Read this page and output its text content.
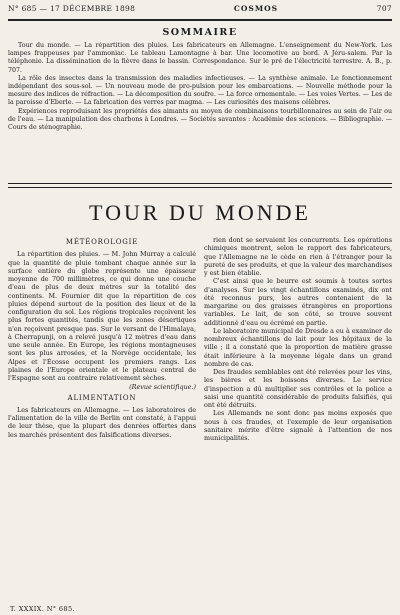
N° 685 — 17 DÉCEMBRE 1898	COSMOS	707
SOMMAIRE

Tour du monde. — La répartition des pluies. Les fabricateurs en Allemagne. L'enseignement du New-York. Les lampes frappeuses par l'ammoniac. Le tableau Lamontagne à bar. Une locomotive au bord. A Jéru-salem. Par la téléphonie. La dissémination de la fièvre dans le bassin. Correspondance. Sur le pré de l'électricité terrestre. A. B., p. 707.

La rôle des insectes dans la transmission des maladies infectieuses. — La synthèse animale. Le fonctionnement indépendant des sous-sol. — Un nouveau mode de pro-pulsion pour les embarcations. — Nouvelle méthode pour la mesure des indices de réfraction. — La décomposition du soufre. — La force ornementale. — Les voies Vertes. — Les de la paroisse d'Eberle. — La fabrication des verres par magma. — Les curiosités des maisons célèbres.

Expériences reproduisant les propriétés des aimants au moyen de combinaisons tourbillonnaires au sein de l'air ou de l'eau. — La manipulation des charbons à Londres. — Sociétés savantes : Académie des sciences. — Bibliographie. — Cours de sténographie.

TOUR DU MONDE
MÉTÉOROLOGIE

La répartition des pluies. — M. John Murray a calculé que la quantité de pluie tombant chaque année sur la surface entière du globe représente une épaisseur moyenne de 700 millimètres, ce qui donne une couche d'eau de plus de deux mètres sur la totalité des continents. M. Fournier dit que la répartition de ces pluies dépend surtout de la position des lieux et de la configuration du sol. Les régions tropicales reçoivent les plus fortes quantités, tandis que les zones désertiques n'en reçoivent presque pas. Sur le versant de l'Himalaya, à Cherrapunji, on a relevé jusqu'à 12 mètres d'eau dans une seule année. En Europe, les régions montagneuses sont les plus arrosées, et la Norvège occidentale, les Alpes et l'Écosse occupent les premiers rangs. Les plaines de l'Europe orientale et le plateau central de l'Espagne sont au contraire relativement sèches.

(Revue scientifique.)
ALIMENTATION

Les fabricateurs en Allemagne. — Les laboratoires de l'alimentation de la ville de Berlin ont constaté, à l'appui de leur thèse, que la plupart des denrées offertes dans les marchés présentent des falsifications diverses.

rien dont se servaient les concurrents. Les opérations chimiques montrent, selon le rapport des fabricateurs, que l'Allemagne ne le cède en rien à l'étranger pour la pureté de ses produits, et que la valeur des marchandises y est bien établie.

C'est ainsi que le beurre est soumis à toutes sortes d'analyses. Sur les vingt échantillons examinés, dix ont été reconnus purs, les autres contenaient de la margarine ou des graisses étrangères en proportions variables. Le lait, de son côté, se trouve souvent additionné d'eau ou écrémé en partie.

Le laboratoire municipal de Dresde a eu à examiner de nombreux échantillons de lait pour les hôpitaux de la ville ; il a constaté que la proportion de matière grasse était inférieure à la moyenne légale dans un grand nombre de cas.

Des fraudes semblables ont été relevées pour les vins, les bières et les boissons diverses. Le service d'inspection a dû multiplier ses contrôles et la police a saisi une quantité considérable de produits falsifiés, qui ont été détruits.

Les Allemands ne sont donc pas moins exposés que nous à ces fraudes, et l'exemple de leur organisation sanitaire mérite d'être signalé à l'attention de nos municipalités.

T. XXXIX. N° 685.
